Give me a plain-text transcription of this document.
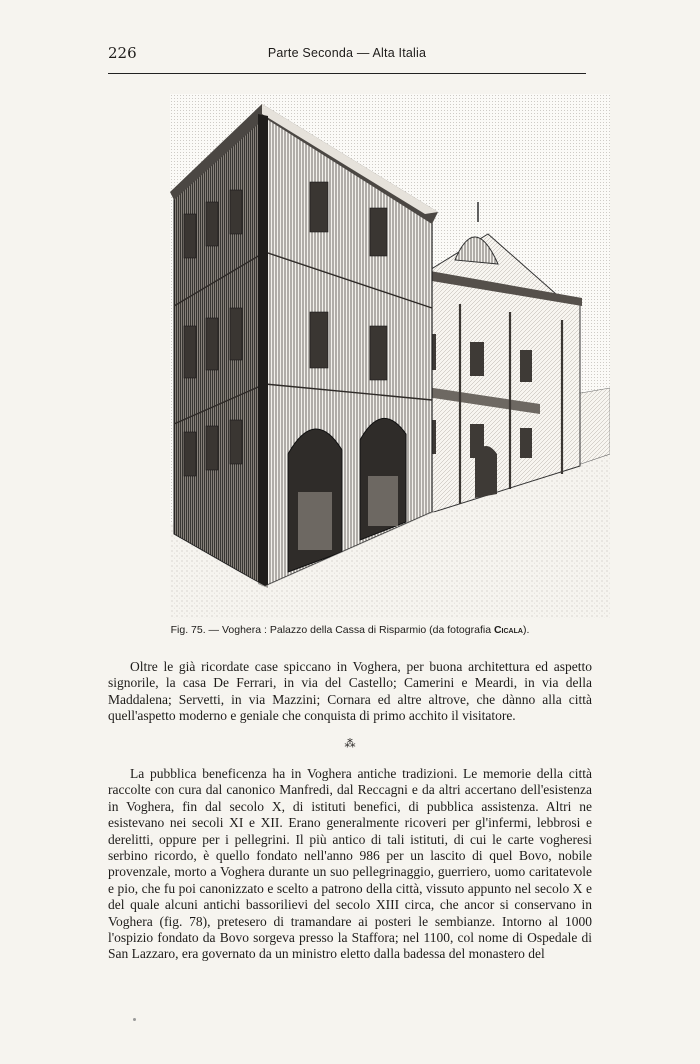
226	Parte Seconda — Alta Italia
Fig. 75. — Voghera : Palazzo della Cassa di Risparmio (da fotografia Cicala).
Oltre le già ricordate case spiccano in Voghera, per buona architettura ed aspetto signorile, la casa De Ferrari, in via del Castello; Camerini e Meardi, in via della Maddalena; Servetti, in via Mazzini; Cornara ed altre altrove, che dànno alla città quell'aspetto moderno e geniale che conquista di primo acchito il visitatore.
⁂
La pubblica beneficenza ha in Voghera antiche tradizioni. Le memorie della città raccolte con cura dal canonico Manfredi, dal Reccagni e da altri accertano dell'esistenza in Voghera, fin dal secolo X, di istituti benefici, di pubblica assistenza. Altri ne esistevano nei secoli XI e XII. Erano generalmente ricoveri per gl'infermi, lebbrosi e derelitti, oppure per i pellegrini. Il più antico di tali istituti, di cui le carte vogheresi serbino ricordo, è quello fondato nell'anno 986 per un lascito di quel Bovo, nobile provenzale, morto a Voghera durante un suo pellegrinaggio, guerriero, uomo caritatevole e pio, che fu poi canonizzato e scelto a patrono della città, vissuto appunto nel secolo X e del quale alcuni antichi bassorilievi del secolo XIII circa, che ancor si conservano in Voghera (fig. 78), pretesero di tramandare ai posteri le sembianze. Intorno al 1000 l'ospizio fondato da Bovo sorgeva presso la Staffora; nel 1100, col nome di Ospedale di San Lazzaro, era governato da un ministro eletto dalla badessa del monastero del
